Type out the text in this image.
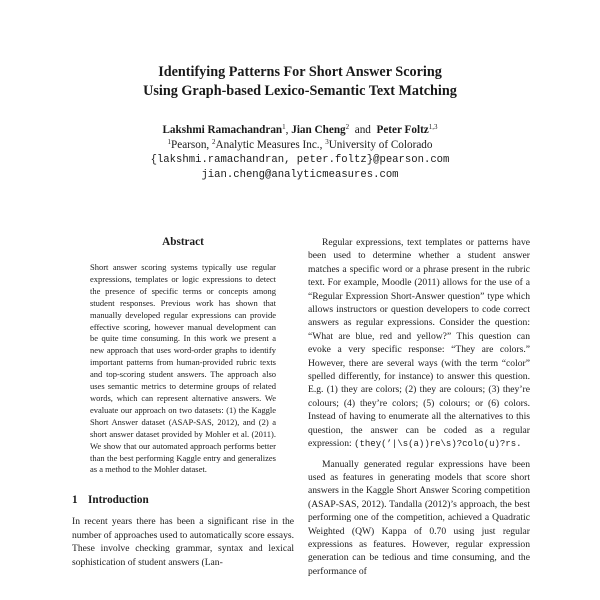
Identifying Patterns For Short Answer Scoring
Using Graph-based Lexico-Semantic Text Matching
Lakshmi Ramachandran$^1$, Jian Cheng$^2$ and Peter Foltz$^{1,3}$
$^1$Pearson, $^2$Analytic Measures Inc., $^3$University of Colorado
{lakshmi.ramachandran, peter.foltz}@pearson.com
jian.cheng@analyticmeasures.com
Abstract

Short answer scoring systems typically use regular expressions, templates or logic expressions to detect the presence of specific terms or concepts among student responses. Previous work has shown that manually developed regular expressions can provide effective scoring, however manual development can be quite time consuming. In this work we present a new approach that uses word-order graphs to identify important patterns from human-provided rubric texts and top-scoring student answers. The approach also uses semantic metrics to determine groups of related words, which can represent alternative answers. We evaluate our approach on two datasets: (1) the Kaggle Short Answer dataset (ASAP-SAS, 2012), and (2) a short answer dataset provided by Mohler et al. (2011). We show that our automated approach performs better than the best performing Kaggle entry and generalizes as a method to the Mohler dataset.

1 Introduction

In recent years there has been a significant rise in the number of approaches used to automatically score essays. These involve checking grammar, syntax and lexical sophistication of student answers (Lan-

Regular expressions, text templates or patterns have been used to determine whether a student answer matches a specific word or a phrase present in the rubric text. For example, Moodle (2011) allows for the use of a “Regular Expression Short-Answer question” type which allows instructors or question developers to code correct answers as regular expressions. Consider the question: “What are blue, red and yellow?” This question can evoke a very specific response: “They are colors.” However, there are several ways (with the term “color” spelled differently, for instance) to answer this question. E.g. (1) they are colors; (2) they are colours; (3) they’re colours; (4) they’re colors; (5) colours; or (6) colors. Instead of having to enumerate all the alternatives to this question, the answer can be coded as a regular expression: (they(’|\s(a))re\s)?colo(u)?rs.

Manually generated regular expressions have been used as features in generating models that score short answers in the Kaggle Short Answer Scoring competition (ASAP-SAS, 2012). Tandalla (2012)’s approach, the best performing one of the competition, achieved a Quadratic Weighted (QW) Kappa of 0.70 using just regular expressions as features. However, regular expression generation can be tedious and time consuming, and the performance of
